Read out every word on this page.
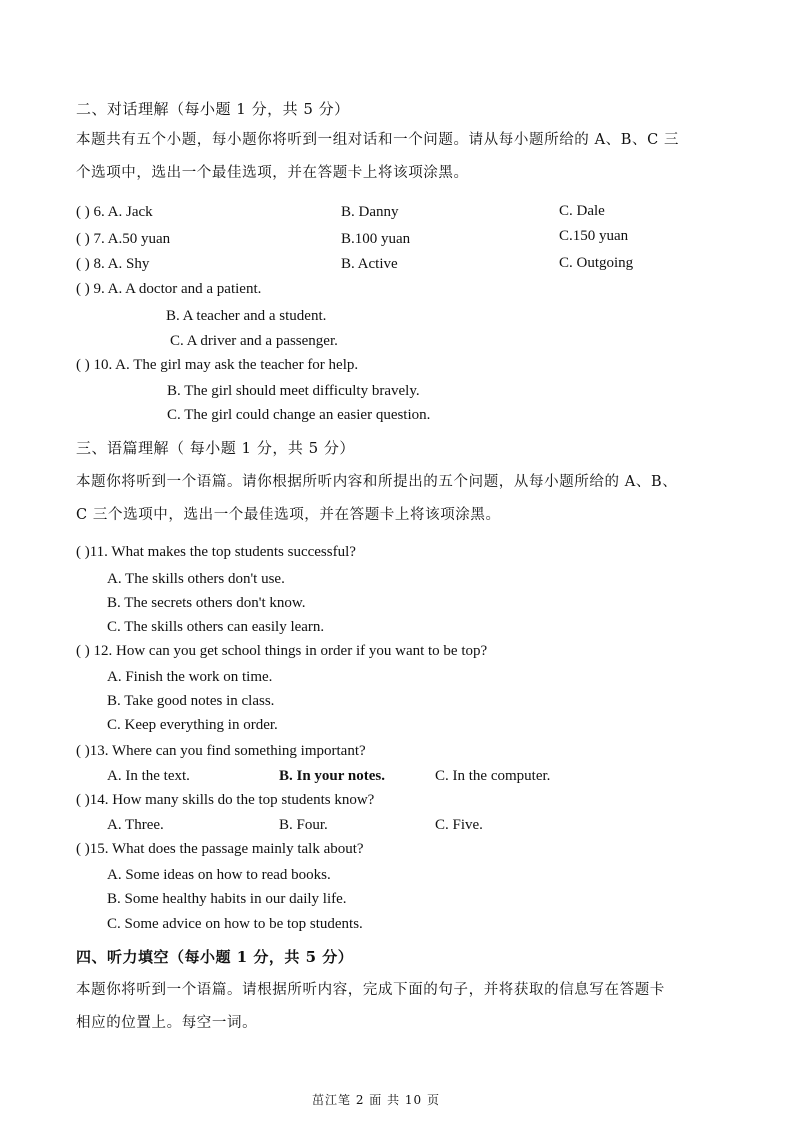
二、对话理解（每小题 1 分，共 5 分）
本题共有五个小题，每小题你将听到一组对话和一个问题。请从每小题所给的 A、B、C 三
个选项中，选出一个最佳选项，并在答题卡上将该项涂黑。
( ) 6. A. Jack	B. Danny	C. Dale
( ) 7. A.50 yuan	B.100 yuan	C.150 yuan
( ) 8. A. Shy	B. Active	C. Outgoing
( ) 9. A. A doctor and a patient.
B. A teacher and a student.
C. A driver and a passenger.
( ) 10. A. The girl may ask the teacher for help.
B. The girl should meet difficulty bravely.
C. The girl could change an easier question.
三、语篇理解（ 每小题 1 分，共 5 分）
本题你将听到一个语篇。请你根据所听内容和所提出的五个问题，从每小题所给的 A、B、
C 三个选项中，选出一个最佳选项，并在答题卡上将该项涂黑。
( )11. What makes the top students successful?
A. The skills others don't use.
B. The secrets others don't know.
C. The skills others can easily learn.
( ) 12. How can you get school things in order if you want to be top?
A. Finish the work on time.
B. Take good notes in class.
C. Keep everything in order.
( )13. Where can you find something important?
A. In the text.	B. In your notes.	C. In the computer.
( )14. How many skills do the top students know?
A. Three.	B. Four.	C. Five.
( )15. What does the passage mainly talk about?
A. Some ideas on how to read books.
B. Some healthy habits in our daily life.
C. Some advice on how to be top students.
四、听力填空（每小题 1 分，共 5 分）
本题你将听到一个语篇。请根据所听内容，完成下面的句子，并将获取的信息写在答题卡
相应的位置上。每空一词。
茁江笔 2 面 共 10 页
